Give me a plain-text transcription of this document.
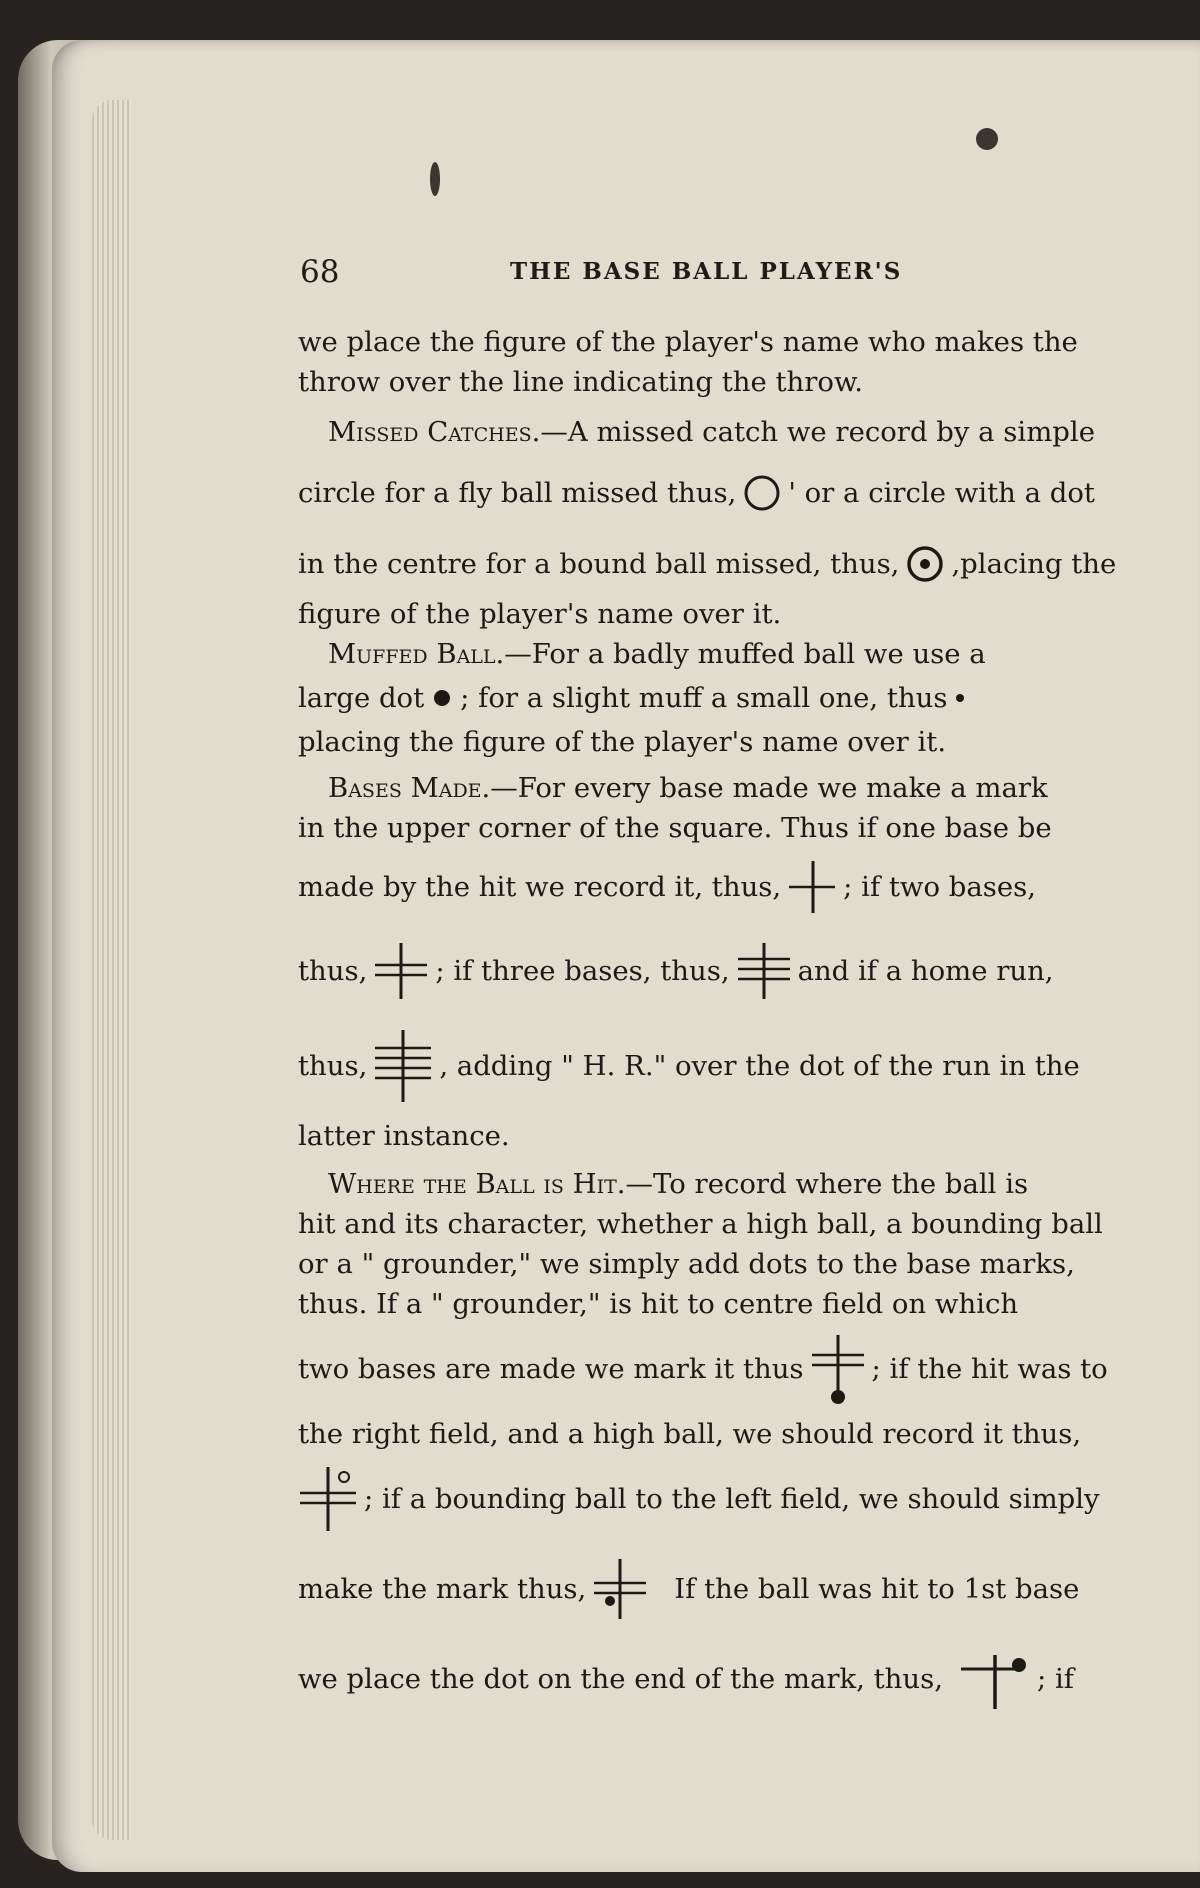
68	THE BASE BALL PLAYER'S

we place the figure of the player's name who makes the

throw over the line indicating the throw.

Missed Catches.—A missed catch we record by a simple

circle for a fly ball missed thus, ' or a circle with a dot
in the centre for a bound ball missed, thus, ,placing the

figure of the player's name over it.

Muffed Ball.—For a badly muffed ball we use a

large dot ; for a slight muff a small one, thus

placing the figure of the player's name over it.

Bases Made.—For every base made we make a mark

in the upper corner of the square. Thus if one base be

made by the hit we record it, thus, ; if two bases,
thus, ; if three bases, thus, and if a home run,
thus,	, adding " H. R." over the dot of the run in the

latter instance.

Where the Ball is Hit.—To record where the ball is

hit and its character, whether a high ball, a bounding ball

or a " grounder," we simply add dots to the base marks,

thus. If a " grounder," is hit to centre field on which

two bases are made we mark it thus ; if the hit was to

the right field, and a high ball, we should record it thus,

; if a bounding ball to the left field, we should simply
make the mark thus,	If the ball was hit to 1st base
we place the dot on the end of the mark, thus,	; if
